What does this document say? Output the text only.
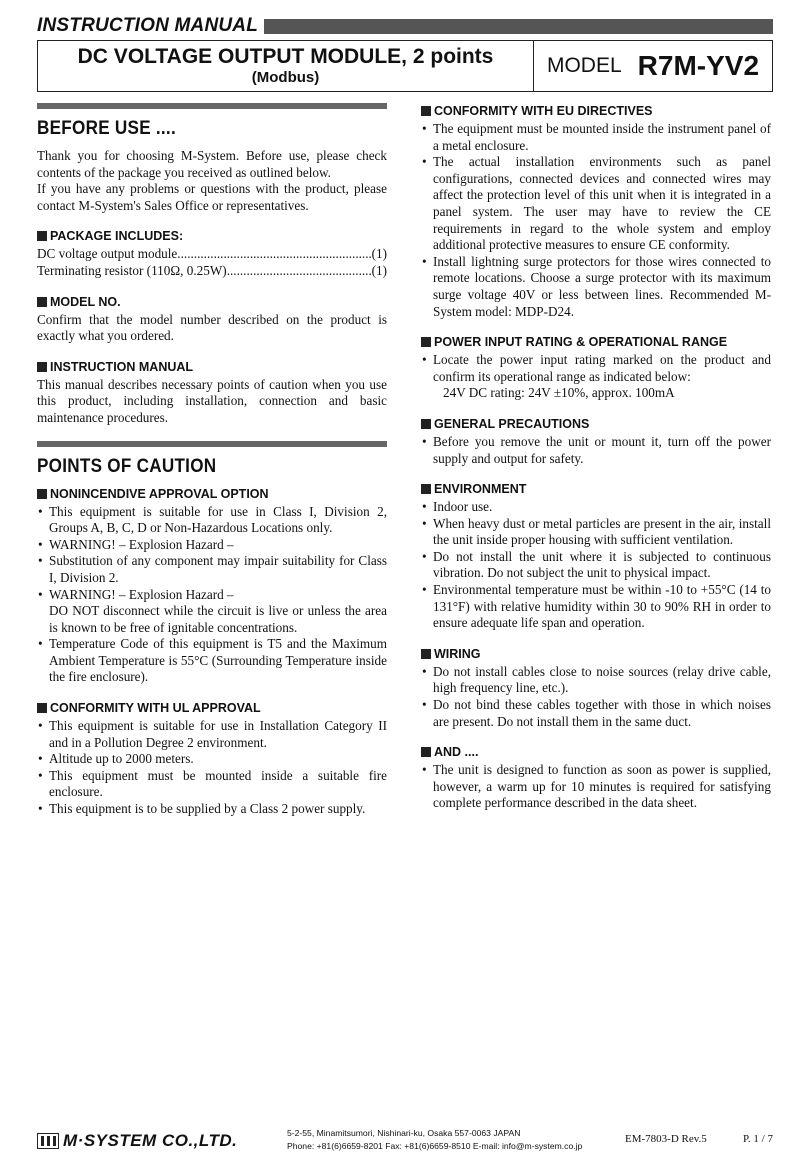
INSTRUCTION MANUAL
DC VOLTAGE OUTPUT MODULE, 2 points
(Modbus)
MODEL R7M-YV2
BEFORE USE ....

Thank you for choosing M-System. Before use, please check contents of the package you received as outlined below.

If you have any problems or questions with the product, please contact M-System's Sales Office or representatives.

PACKAGE INCLUDES:
DC voltage output module .....	(1)
Terminating resistor (110Ω, 0.25W) .....	(1)
MODEL NO.

Confirm that the model number described on the product is exactly what you ordered.

INSTRUCTION MANUAL

This manual describes necessary points of caution when you use this product, including installation, connection and basic maintenance procedures.

POINTS OF CAUTION
NONINCENDIVE APPROVAL OPTION
• This equipment is suitable for use in Class I, Division 2, Groups A, B, C, D or Non-Hazardous Locations only.
• WARNING! – Explosion Hazard –
• Substitution of any component may impair suitability for Class I, Division 2.
• WARNING! – Explosion Hazard –

DO NOT disconnect while the circuit is live or unless the area is known to be free of ignitable concentrations.

• Temperature Code of this equipment is T5 and the Maximum Ambient Temperature is 55°C (Surrounding Temperature inside the fire enclosure).
CONFORMITY WITH UL APPROVAL
• This equipment is suitable for use in Installation Category II and in a Pollution Degree 2 environment.
• Altitude up to 2000 meters.
• This equipment must be mounted inside a suitable fire enclosure.
• This equipment is to be supplied by a Class 2 power supply.
CONFORMITY WITH EU DIRECTIVES
• The equipment must be mounted inside the instrument panel of a metal enclosure.
• The actual installation environments such as panel configurations, connected devices and connected wires may affect the protection level of this unit when it is integrated in a panel system. The user may have to review the CE requirements in regard to the whole system and employ additional protective measures to ensure CE conformity.
• Install lightning surge protectors for those wires connected to remote locations. Choose a surge protector with its maximum surge voltage 40V or less between lines. Recommended M-System model: MDP-D24.
POWER INPUT RATING & OPERATIONAL RANGE
• Locate the power input rating marked on the product and confirm its operational range as indicated below:
24V DC rating: 24V ±10%, approx. 100mA
GENERAL PRECAUTIONS
• Before you remove the unit or mount it, turn off the power supply and output for safety.
ENVIRONMENT
• Indoor use.
• When heavy dust or metal particles are present in the air, install the unit inside proper housing with sufficient ventilation.
• Do not install the unit where it is subjected to continuous vibration. Do not subject the unit to physical impact.
• Environmental temperature must be within -10 to +55°C (14 to 131°F) with relative humidity within 30 to 90% RH in order to ensure adequate life span and operation.
WIRING
• Do not install cables close to noise sources (relay drive cable, high frequency line, etc.).
• Do not bind these cables together with those in which noises are present. Do not install them in the same duct.
AND ....
• The unit is designed to function as soon as power is supplied, however, a warm up for 10 minutes is required for satisfying complete performance described in the data sheet.
M·SYSTEM CO.,LTD.	5-2-55, Minamitsumori, Nishinari-ku, Osaka 557-0063 JAPAN
Phone: +81(6)6659-8201 Fax: +81(6)6659-8510 E-mail: info@m-system.co.jp
EM-7803-D Rev.5	P. 1 / 7
